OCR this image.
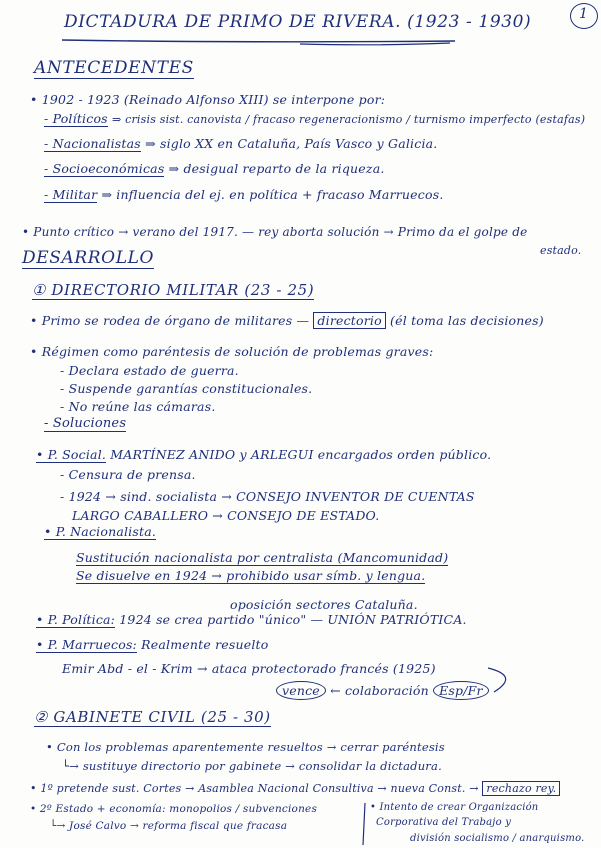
1
DICTADURA DE PRIMO DE RIVERA. (1923 - 1930)
ANTECEDENTES
• 1902 - 1923 (Reinado Alfonso XIII) se interpone por:
- Políticos ⇒ crisis sist. canovista / fracaso regeneracionismo / turnismo imperfecto (estafas)
- Nacionalistas ⇒ siglo XX en Cataluña, País Vasco y Galicia.
- Socioeconómicas ⇒ desigual reparto de la riqueza.
- Militar ⇒ influencia del ej. en política + fracaso Marruecos.
• Punto crítico → verano del 1917. — rey aborta solución → Primo da el golpe de
estado.
DESARROLLO
① DIRECTORIO MILITAR (23 - 25)
• Primo se rodea de órgano de militares — directorio (él toma las decisiones)
• Régimen como paréntesis de solución de problemas graves:
- Declara estado de guerra.
- Suspende garantías constitucionales.
- No reúne las cámaras.
- Soluciones
• P. Social. MARTÍNEZ ANIDO y ARLEGUI encargados orden público.
- Censura de prensa.
- 1924 → sind. socialista → CONSEJO INVENTOR DE CUENTAS
LARGO CABALLERO → CONSEJO DE ESTADO.
• P. Nacionalista.
Sustitución nacionalista por centralista (Mancomunidad)
Se disuelve en 1924 → prohibido usar símb. y lengua.
oposición sectores Cataluña.
• P. Política: 1924 se crea partido "único" — UNIÓN PATRIÓTICA.
• P. Marruecos: Realmente resuelto
Emir Abd - el - Krim → ataca protectorado francés (1925)
vence ← colaboración Esp/Fr
② GABINETE CIVIL (25 - 30)
• Con los problemas aparentemente resueltos → cerrar paréntesis
└→ sustituye directorio por gabinete → consolidar la dictadura.
• 1º pretende sust. Cortes → Asamblea Nacional Consultiva → nueva Const. → rechazo rey.
• 2º Estado + economía: monopolios / subvenciones
└→ José Calvo → reforma fiscal que fracasa
• Intento de crear Organización
Corporativa del Trabajo y
división socialismo / anarquismo.
